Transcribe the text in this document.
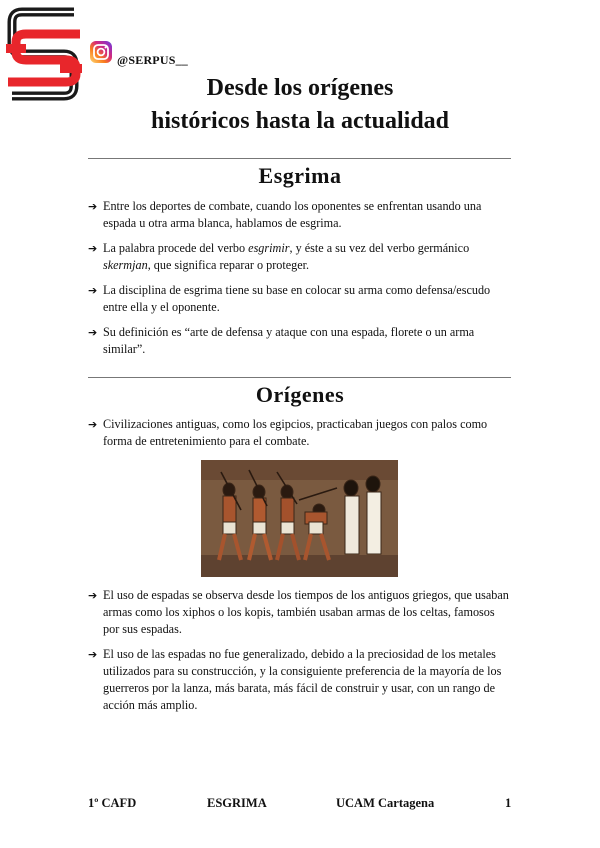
@SERPUS__
Desde los orígenes
históricos hasta la actualidad
Esgrima
➔ Entre los deportes de combate, cuando los oponentes se enfrentan usando una espada u otra arma blanca, hablamos de esgrima.
➔ La palabra procede del verbo esgrimir, y éste a su vez del verbo germánico skermjan, que significa reparar o proteger.
➔ La disciplina de esgrima tiene su base en colocar su arma como defensa/escudo entre ella y el oponente.
➔ Su definición es “arte de defensa y ataque con una espada, florete o un arma similar”.
Orígenes
➔ Civilizaciones antiguas, como los egipcios, practicaban juegos con palos como forma de entretenimiento para el combate.
➔ El uso de espadas se observa desde los tiempos de los antiguos griegos, que usaban armas como los xiphos o los kopis, también usaban armas de los celtas, famosos por sus espadas.
➔ El uso de las espadas no fue generalizado, debido a la preciosidad de los metales utilizados para su construcción, y la consiguiente preferencia de la mayoría de los guerreros por la lanza, más barata, más fácil de construir y usar, con un rango de acción más amplio.
1º CAFD	ESGRIMA	UCAM Cartagena	1
